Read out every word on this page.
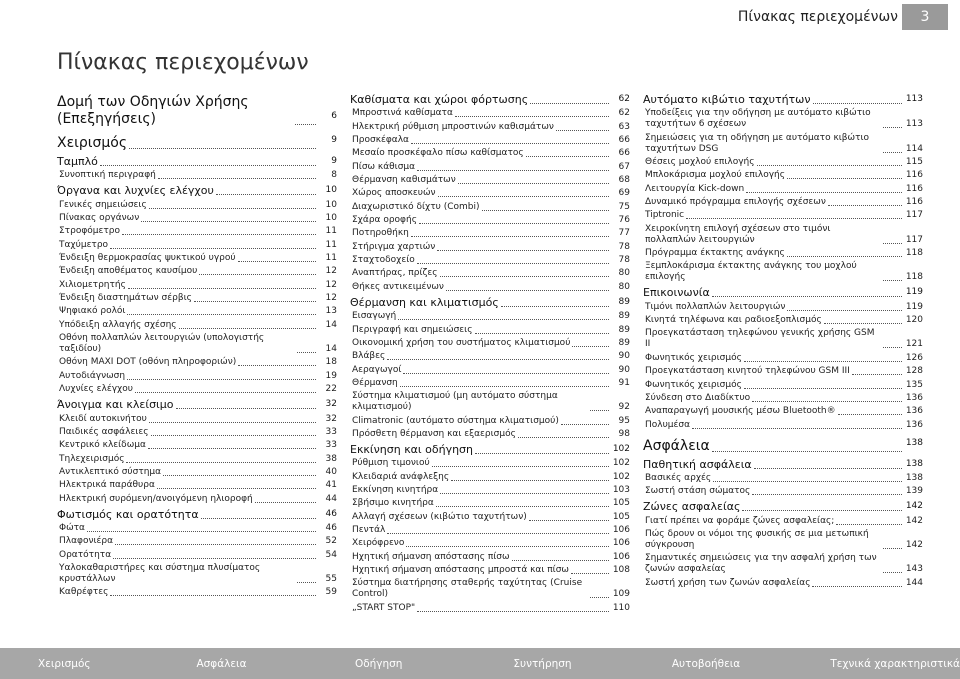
Πίνακας περιεχομένων	3
Πίνακας περιεχομένων
Δομή των Οδηγιών Χρήσης (Επεξηγήσεις)	6
Χειρισμός	9
Ταμπλό	9
Συνοπτική περιγραφή	8
Όργανα και λυχνίες ελέγχου	10
Γενικές σημειώσεις	10
Πίνακας οργάνων	10
Στροφόμετρο	11
Ταχύμετρο	11
Ένδειξη θερμοκρασίας ψυκτικού υγρού	11
Ένδειξη αποθέματος καυσίμου	12
Χιλιομετρητής	12
Ένδειξη διαστημάτων σέρβις	12
Ψηφιακό ρολόι	13
Υπόδειξη αλλαγής σχέσης	14
Οθόνη πολλαπλών λειτουργιών (υπολογιστής ταξιδίου)	14
Οθόνη MAXI DOT (οθόνη πληροφοριών)	18
Αυτοδιάγνωση	19
Λυχνίες ελέγχου	22
Άνοιγμα και κλείσιμο	32
Κλειδί αυτοκινήτου	32
Παιδικές ασφάλειες	33
Κεντρικό κλείδωμα	33
Τηλεχειρισμός	38
Αντικλεπτικό σύστημα	40
Ηλεκτρικά παράθυρα	41
Ηλεκτρική συρόμενη/ανοιγόμενη ηλιοροφή	44
Φωτισμός και ορατότητα	46
Φώτα	46
Πλαφονιέρα	52
Ορατότητα	54
Υαλοκαθαριστήρες και σύστημα πλυσίματος κρυστάλλων	55
Καθρέφτες	59
Καθίσματα και χώροι φόρτωσης	62
Μπροστινά καθίσματα	62
Ηλεκτρική ρύθμιση μπροστινών καθισμάτων	63
Προσκέφαλα	66
Μεσαίο προσκέφαλο πίσω καθίσματος	66
Πίσω κάθισμα	67
Θέρμανση καθισμάτων	68
Χώρος αποσκευών	69
Διαχωριστικό δίχτυ (Combi)	75
Σχάρα οροφής	76
Ποτηροθήκη	77
Στήριγμα χαρτιών	78
Σταχτοδοχείο	78
Αναπτήρας, πρίζες	80
Θήκες αντικειμένων	80
Θέρμανση και κλιματισμός	89
Εισαγωγή	89
Περιγραφή και σημειώσεις	89
Οικονομική χρήση του συστήματος κλιματισμού	89
Βλάβες	90
Αεραγωγοί	90
Θέρμανση	91
Σύστημα κλιματισμού (μη αυτόματο σύστημα κλιματισμού)	92
Climatronic (αυτόματο σύστημα κλιματισμού)	95
Πρόσθετη θέρμανση και εξαερισμός	98
Εκκίνηση και οδήγηση	102
Ρύθμιση τιμονιού	102
Κλειδαριά ανάφλεξης	102
Εκκίνηση κινητήρα	103
Σβήσιμο κινητήρα	105
Αλλαγή σχέσεων (κιβώτιο ταχυτήτων)	105
Πεντάλ	106
Χειρόφρενο	106
Ηχητική σήμανση απόστασης πίσω	106
Ηχητική σήμανση απόστασης μπροστά και πίσω	108
Σύστημα διατήρησης σταθερής ταχύτητας (Cruise Control)	109
„START STOP"	110
Αυτόματο κιβώτιο ταχυτήτων	113
Υποδείξεις για την οδήγηση με αυτόματο κιβώτιο ταχυτήτων 6 σχέσεων	113
Σημειώσεις για τη οδήγηση με αυτόματο κιβώτιο ταχυτήτων DSG	114
Θέσεις μοχλού επιλογής	115
Μπλοκάρισμα μοχλού επιλογής	116
Λειτουργία Kick-down	116
Δυναμικό πρόγραμμα επιλογής σχέσεων	116
Tiptronic	117
Χειροκίνητη επιλογή σχέσεων στο τιμόνι πολλαπλών λειτουργιών	117
Πρόγραμμα έκτακτης ανάγκης	118
Ξεμπλοκάρισμα έκτακτης ανάγκης του μοχλού επιλογής	118
Επικοινωνία	119
Τιμόνι πολλαπλών λειτουργιών	119
Κινητά τηλέφωνα και ραδιοεξοπλισμός	120
Προεγκατάσταση τηλεφώνου γενικής χρήσης GSM II	121
Φωνητικός χειρισμός	126
Προεγκατάσταση κινητού τηλεφώνου GSM III	128
Φωνητικός χειρισμός	135
Σύνδεση στο Διαδίκτυο	136
Αναπαραγωγή μουσικής μέσω Bluetooth®	136
Πολυμέσα	136
Ασφάλεια	138
Παθητική ασφάλεια	138
Βασικές αρχές	138
Σωστή στάση σώματος	139
Ζώνες ασφαλείας	142
Γιατί πρέπει να φοράμε ζώνες ασφαλείας;	142
Πώς δρουν οι νόμοι της φυσικής σε μια μετωπική σύγκρουση	142
Σημαντικές σημειώσεις για την ασφαλή χρήση των ζωνών ασφαλείας	143
Σωστή χρήση των ζωνών ασφαλείας	144
Χειρισμός	Ασφάλεια	Οδήγηση	Συντήρηση	Αυτοβοήθεια	Τεχνικά χαρακτηριστικά
